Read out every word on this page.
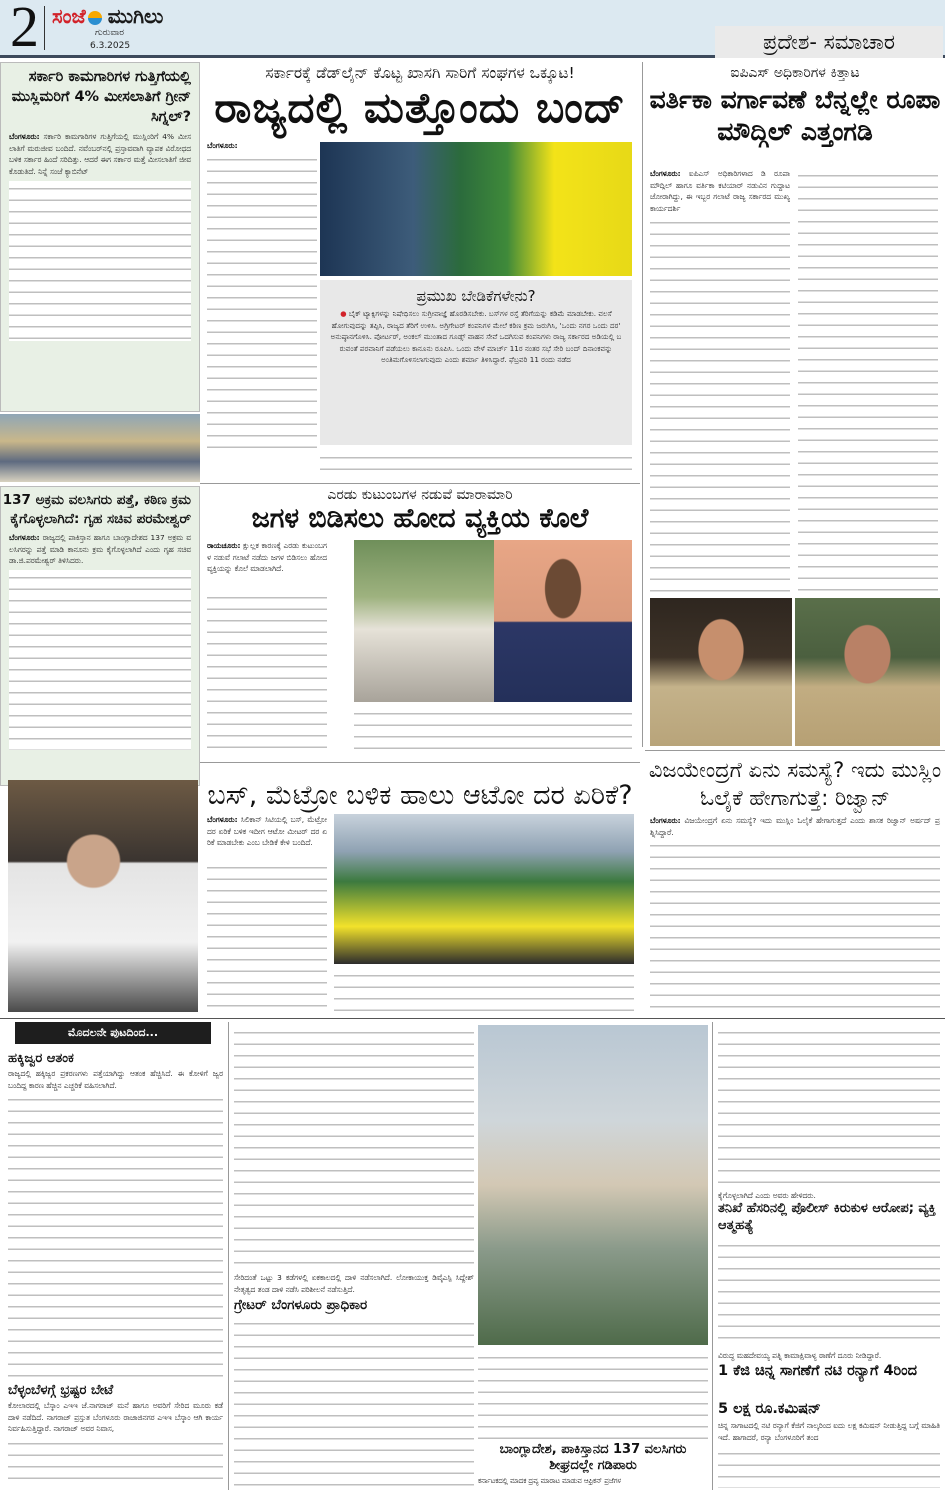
2 ಸಂಜೆ ಮುಗಿಲು
ಗುರುವಾರ
6.3.2025	ಪ್ರದೇಶ- ಸಮಾಚಾರ
ಸರ್ಕಾರಿ ಕಾಮಗಾರಿಗಳ ಗುತ್ತಿಗೆಯಲ್ಲಿ ಮುಸ್ಲಿಮರಿಗೆ 4% ಮೀಸಲಾತಿಗೆ ಗ್ರೀನ್ ಸಿಗ್ನಲ್?
ಬೆಂಗಳೂರು: ಸರ್ಕಾರಿ ಕಾಮಗಾರಿಗಳ ಗುತ್ತಿಗೆಯಲ್ಲಿ ಮುಸ್ಲಿಂರಿಗೆ 4% ಮೀಸಲಾತಿಗೆ ಮರುಜೀವ ಬಂದಿದೆ. ನವೆಂಬರ್‌ನಲ್ಲಿ ಪ್ರಸ್ತಾವವಾಗಿ ವ್ಯಾಪಕ ವಿರೋಧದ ಬಳಿಕ ಸರ್ಕಾರ ಹಿಂದೆ ಸರಿದಿತ್ತು. ಆದರೆ ಈಗ ಸರ್ಕಾರ ಮತ್ತೆ ಮೀಸಲಾತಿಗೆ ಜೀವ ಕೊಡುತಿದೆ. ನಿನ್ನೆ ಸಂಜೆ ಕ್ಯಾಬಿನೆಟ್
137 ಅಕ್ರಮ ವಲಸಿಗರು ಪತ್ತೆ, ಕಠಿಣ ಕ್ರಮ ಕೈಗೊಳ್ಳಲಾಗಿದೆ: ಗೃಹ ಸಚಿವ ಪರಮೇಶ್ವರ್
ಬೆಂಗಳೂರು: ರಾಜ್ಯದಲ್ಲಿ ಪಾಕಿಸ್ತಾನ ಹಾಗೂ ಬಾಂಗ್ಲಾದೇಶದ 137 ಅಕ್ರಮ ವಲಸಿಗರನ್ನು ಪತ್ತೆ ಮಾಡಿ ಕಾನೂನು ಕ್ರಮ ಕೈಗೊಳ್ಳಲಾಗಿದೆ ಎಂದು ಗೃಹ ಸಚಿವ ಡಾ.ಜಿ.ಪರಮೇಶ್ವರ್ ತಿಳಿಸಿದರು.
ಸರ್ಕಾರಕ್ಕೆ ಡೆಡ್‌ಲೈನ್ ಕೊಟ್ಟ ಖಾಸಗಿ ಸಾರಿಗೆ ಸಂಘಗಳ ಒಕ್ಕೂಟ!
ರಾಜ್ಯದಲ್ಲಿ ಮತ್ತೊಂದು ಬಂದ್
ಬೆಂಗಳೂರು:
ಪ್ರಮುಖ ಬೇಡಿಕೆಗಳೇನು?
● ಬೈಕ್ ಟ್ಯಾಕ್ಸಿಗಳನ್ನು ನಿಷೇಧಿಸಲು ಸುಗ್ರೀವಾಜ್ಞೆ ಹೊರಡಿಸಬೇಕು. ಬಸ್‌ಗಳ ರಸ್ತೆ ತೆರಿಗೆಯನ್ನು ಕಡಿಮೆ ಮಾಡಬೇಕು. ವಲಸೆ ಹೋಗುವುದನ್ನು ತಪ್ಪಿಸಿ, ರಾಜ್ಯದ ತೆರಿಗೆ ಉಳಿಸಿ. ಅಗ್ರಿಗೇಟರ್ ಕಂಪನಿಗಳ ಮೇಲೆ ಕಠಿಣ ಕ್ರಮ ಜರುಗಿಸಿ, 'ಒಂದು ನಗರ ಒಂದು ದರ' ಅನುಷ್ಠಾನಗೊಳಿಸಿ. ಪೋರ್ಟರ್, ಅಂಕಲ್ ಮುಂತಾದ ಗೂಡ್ಸ್ ವಾಹನ ಸೇವೆ ಒದಗಿಸುವ ಕಂಪನಿಗಳು ರಾಜ್ಯ ಸರ್ಕಾರದ ಅಡಿಯಲ್ಲಿ ಬರುವಂತೆ ಪರವಾನಿಗೆ ಪಡೆಯಲು ಕಾನೂನು ರೂಪಿಸಿ. ಒಂದು ವೇಳೆ ಮಾರ್ಚ್ 11ರ ನಂತರ ಸಭೆ ಸೇರಿ ಬಂದ್ ದಿನಾಂಕವನ್ನು ಅಂತಿಮಗೊಳಿಸಲಾಗುವುದು ಎಂದು ಶರ್ಮಾ ತಿಳಿಸಿದ್ದಾರೆ. ಫೆಬ್ರವರಿ 11 ರಂದು ನಡೆದ
ಎರಡು ಕುಟುಂಬಗಳ ನಡುವೆ ಮಾರಾಮಾರಿ
ಜಗಳ ಬಿಡಿಸಲು ಹೋದ ವ್ಯಕ್ತಿಯ ಕೊಲೆ
ರಾಯಚೂರು: ಕ್ಷುಲ್ಲಕ ಕಾರಣಕ್ಕೆ ಎರಡು ಕುಟುಂಬಗಳ ನಡುವೆ ಗಲಾಟೆ ನಡೆದು ಜಗಳ ಬಿಡಿಸಲು ಹೋದ ವ್ಯಕ್ತಿಯನ್ನು ಕೊಲೆ ಮಾಡಲಾಗಿದೆ.
ಬಸ್, ಮೆಟ್ರೋ ಬಳಿಕ ಹಾಲು ಆಟೋ ದರ ಏರಿಕೆ?
ಬೆಂಗಳೂರು: ಸಿಲಿಕಾನ್ ಸಿಟಿಯಲ್ಲಿ ಬಸ್, ಮೆಟ್ರೋ ದರ ಏರಿಕೆ ಬಳಿಕ ಇದೀಗ ಆಟೋ ಮೀಟರ್ ದರ ಏರಿಕೆ ಮಾಡಬೇಕು ಎಂಬ ಬೇಡಿಕೆ ಕೇಳಿ ಬಂದಿದೆ.
ಐಪಿಎಸ್ ಅಧಿಕಾರಿಗಳ ಕಿತ್ತಾಟ
ವರ್ತಿಕಾ ವರ್ಗಾವಣೆ ಬೆನ್ನಲ್ಲೇ ರೂಪಾ ಮೌದ್ಗಿಲ್ ಎತ್ತಂಗಡಿ
ಬೆಂಗಳೂರು: ಐಪಿಎಸ್ ಅಧಿಕಾರಿಗಳಾದ ಡಿ ರೂಪಾ ಮೌದ್ಗಿಲ್ ಹಾಗೂ ವರ್ತಿಕಾ ಕಟಿಯಾರ್ ನಡುವಿನ ಗುದ್ದಾಟ ಜೋರಾಗಿದ್ದು, ಈ ಇಬ್ಬರ ಗಲಾಟೆ ರಾಜ್ಯ ಸರ್ಕಾರದ ಮುಖ್ಯ ಕಾರ್ಯದರ್ಶಿ
ವಿಜಯೇಂದ್ರಗೆ ಏನು ಸಮಸ್ಯೆ? ಇದು ಮುಸ್ಲಿಂ ಓಲೈಕೆ ಹೇಗಾಗುತ್ತೆ: ರಿಜ್ವಾನ್
ಬೆಂಗಳೂರು: ವಿಜಯೇಂದ್ರಗೆ ಏನು ಸಮಸ್ಯೆ? ಇದು ಮುಸ್ಲಿಂ ಓಲೈಕೆ ಹೇಗಾಗುತ್ತದೆ ಎಂದು ಶಾಸಕ ರಿಜ್ವಾನ್ ಅರ್ಷದ್ ಪ್ರಶ್ನಿಸಿದ್ದಾರೆ.
ಮೊದಲನೇ ಪುಟದಿಂದ...
ಹಕ್ಕಿಜ್ವರ ಆತಂಕ
ರಾಜ್ಯದಲ್ಲಿ ಹಕ್ಕಿಜ್ವರ ಪ್ರಕರಣಗಳು ಪತ್ತೆಯಾಗಿದ್ದು ಆತಂಕ ಹೆಚ್ಚಿಸಿದೆ. ಈ ಕೋಳಿಗೆ ಜ್ವರ ಬಂದಿದ್ದ ಕಾರಣ ಹೆಚ್ಚಿನ ಎಚ್ಚರಿಕೆ ವಹಿಸಲಾಗಿದೆ.
ಬೆಳ್ಳಂಬೆಳಗ್ಗೆ ಭ್ರಷ್ಟರ ಬೇಟೆ
ಕೋಲಾರದಲ್ಲಿ ಬೆಸ್ಕಾಂ ಎಇಇ ಜೆ.ನಾಗರಾಜ್ ಮನೆ ಹಾಗೂ ಅವರಿಗೆ ಸೇರಿದ ಮೂರು ಕಡೆ ದಾಳಿ ನಡೆದಿದೆ. ನಾಗರಾಜ್ ಪ್ರಸ್ತುತ ಬೆಂಗಳೂರು ರಾಜಾಜಿನಗರ ಎಇಇ ಬೆಸ್ಕಾಂ ಆಗಿ ಕಾರ್ಯನಿರ್ವಹಿಸುತ್ತಿದ್ದಾರೆ. ನಾಗರಾಜ್ ಅವರ ನಿವಾಸ,
ಸೇರಿದಂತೆ ಒಟ್ಟು 3 ಕಡೆಗಳಲ್ಲಿ ಏಕಕಾಲದಲ್ಲಿ ದಾಳಿ ನಡೆಸಲಾಗಿದೆ. ಲೋಕಾಯುಕ್ತ ಡಿವೈಎಸ್ಪಿ ಸಿದ್ದೇಶ್ ನೇತೃತ್ವದ ತಂಡ ದಾಳಿ ನಡೆಸಿ ಪರಿಶೀಲನೆ ನಡೆಸುತ್ತಿದೆ.
ಗ್ರೇಟರ್ ಬೆಂಗಳೂರು ಪ್ರಾಧಿಕಾರ
ಬಾಂಗ್ಲಾದೇಶ, ಪಾಕಿಸ್ತಾನದ 137 ವಲಸಿಗರು ಶೀಘ್ರದಲ್ಲೇ ಗಡಿಪಾರು
ಕರ್ನಾಟಕದಲ್ಲಿ ಮಾದಕ ದ್ರವ್ಯ ಮಾರಾಟ ಮಾಡುವ ಆಫ್ರಿಕನ್ ಪ್ರಜೆಗಳ
ಕೈಗೊಳ್ಳಲಾಗಿದೆ ಎಂದು ಅವರು ಹೇಳಿದರು.
ತನಿಖೆ ಹೆಸರಿನಲ್ಲಿ ಪೊಲೀಸ್ ಕಿರುಕುಳ ಆರೋಪ; ವ್ಯಕ್ತಿ ಆತ್ಮಹತ್ಯೆ
ವಿರುದ್ಧ ಮಹದೇವಯ್ಯ ಪತ್ನಿ ಕಾಮಾಕ್ಷಿವಾಳ್ಯ ಠಾಣೆಗೆ ದೂರು ನೀಡಿದ್ದಾರೆ.
1 ಕೆಜಿ ಚಿನ್ನ ಸಾಗಣೆಗೆ ನಟಿ ರನ್ಯಾಗೆ 4ರಿಂದ
5 ಲಕ್ಷ ರೂ.ಕಮಿಷನ್
ಚಿನ್ನ ಸಾಗಾಟದಲ್ಲಿ ನಟಿ ರನ್ಯಾಗೆ ಕೆಜಿಗೆ ನಾಲ್ಕರಿಂದ ಐದು ಲಕ್ಷ ಕಮಿಷನ್ ನೀಡುತ್ತಿದ್ದ ಬಗ್ಗೆ ಮಾಹಿತಿ ಇದೆ. ಹಾಗಾದರೆ, ರನ್ಯಾ ಬೆಂಗಳೂರಿಗೆ ತಂದ
